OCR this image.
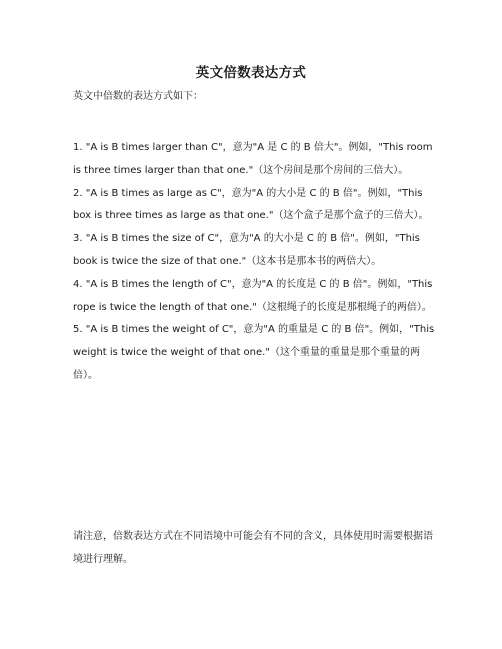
英文倍数表达方式
英文中倍数的表达方式如下：

1. "A is B times larger than C"，意为"A 是 C 的 B 倍大"。例如，"This room is three times larger than that one."（这个房间是那个房间的三倍大）。

2. "A is B times as large as C"，意为"A 的大小是 C 的 B 倍"。例如，"This box is three times as large as that one."（这个盒子是那个盒子的三倍大）。

3. "A is B times the size of C"，意为"A 的大小是 C 的 B 倍"。例如，"This book is twice the size of that one."（这本书是那本书的两倍大）。

4. "A is B times the length of C"，意为"A 的长度是 C 的 B 倍"。例如，"This rope is twice the length of that one."（这根绳子的长度是那根绳子的两倍）。

5. "A is B times the weight of C"，意为"A 的重量是 C 的 B 倍"。例如，"This weight is twice the weight of that one."（这个重量的重量是那个重量的两倍）。

请注意，倍数表达方式在不同语境中可能会有不同的含义，具体使用时需要根据语境进行理解。
